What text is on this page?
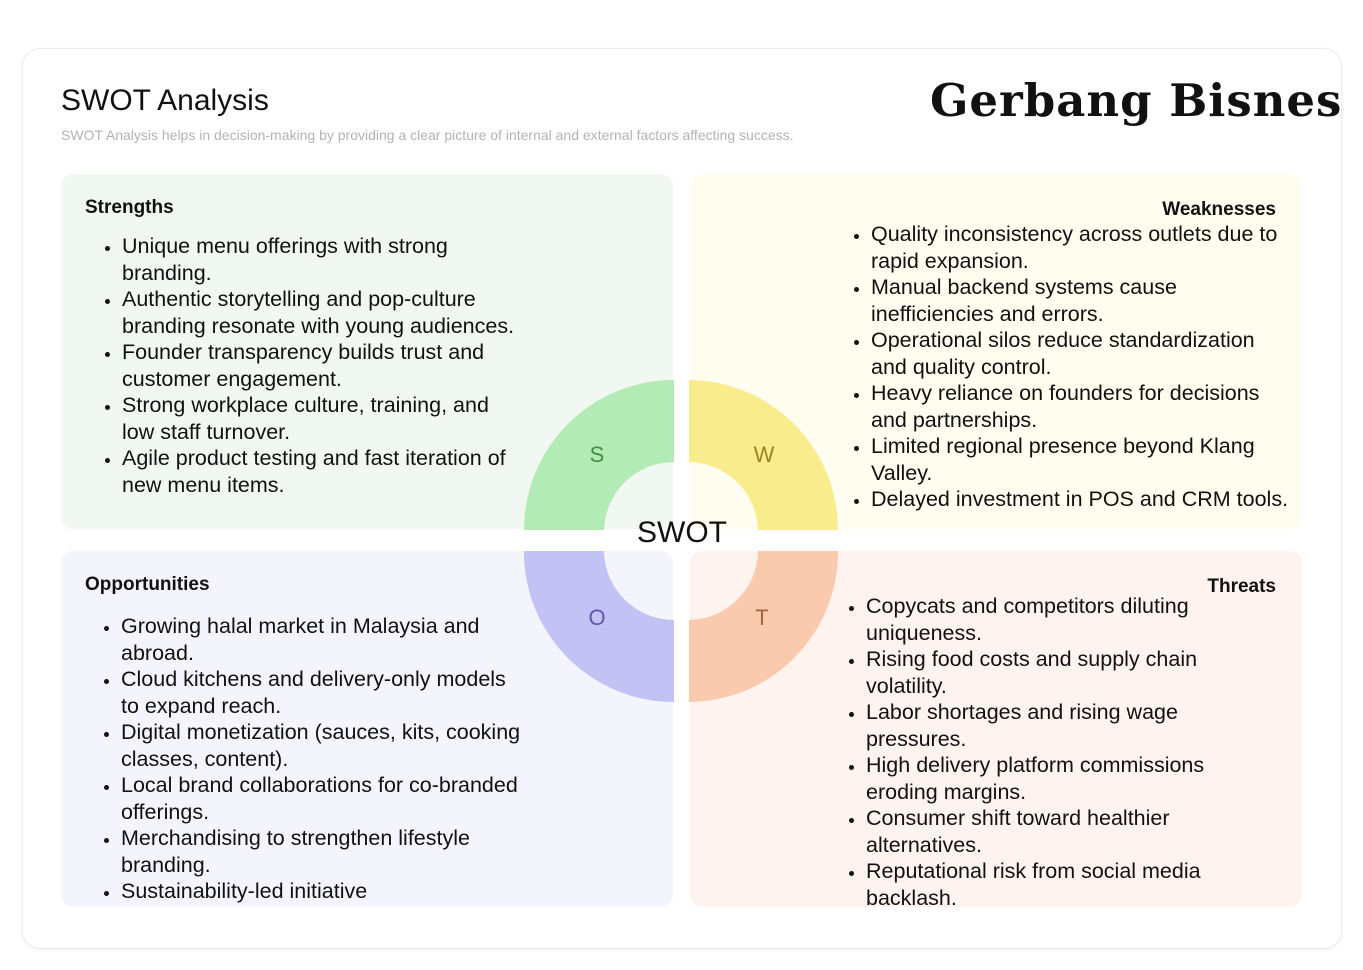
SWOT Analysis
SWOT Analysis helps in decision-making by providing a clear picture of internal and external factors affecting success.
Gerbang Bisnes
Strengths
• Unique menu offerings with strong branding.
• Authentic storytelling and pop-culture branding resonate with young audiences.
• Founder transparency builds trust and customer engagement.
• Strong workplace culture, training, and low staff turnover.
• Agile product testing and fast iteration of new menu items.
Weaknesses
• Quality inconsistency across outlets due to rapid expansion.
• Manual backend systems cause inefficiencies and errors.
• Operational silos reduce standardization and quality control.
• Heavy reliance on founders for decisions and partnerships.
• Limited regional presence beyond Klang Valley.
• Delayed investment in POS and CRM tools.
Opportunities
• Growing halal market in Malaysia and abroad.
• Cloud kitchens and delivery-only models to expand reach.
• Digital monetization (sauces, kits, cooking classes, content).
• Local brand collaborations for co-branded offerings.
• Merchandising to strengthen lifestyle branding.
• Sustainability-led initiative
Threats
• Copycats and competitors diluting uniqueness.
• Rising food costs and supply chain volatility.
• Labor shortages and rising wage pressures.
• High delivery platform commissions eroding margins.
• Consumer shift toward healthier alternatives.
• Reputational risk from social media backlash.
S	W
O	T
SWOT
